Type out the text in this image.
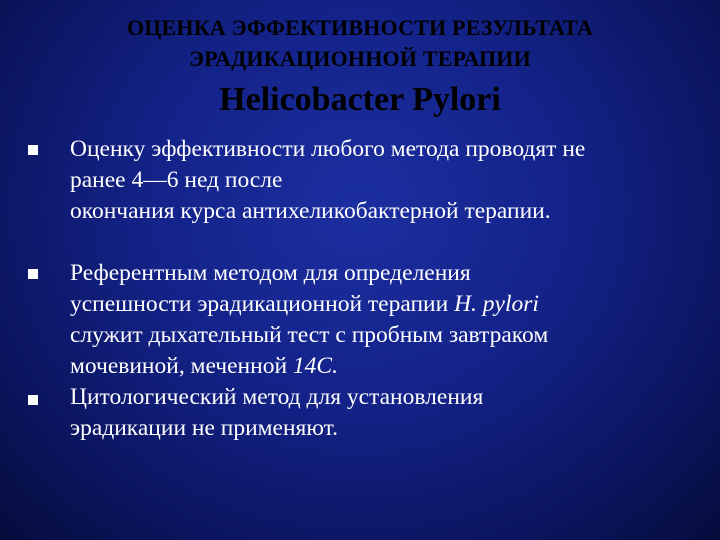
ОЦЕНКА ЭФФЕКТИВНОСТИ РЕЗУЛЬТАТА
ЭРАДИКАЦИОННОЙ ТЕРАПИИ
Helicobacter Pylori
Оценку эффективности любого метода проводят не
ранее 4—6 нед после
окончания курса антихеликобактерной терапии.
Референтным методом для определения
успешности эрадикационной терапии H. pylori
служит дыхательный тест с пробным завтраком
мочевиной, меченной 14C.
Цитологический метод для установления
эрадикации не применяют.
